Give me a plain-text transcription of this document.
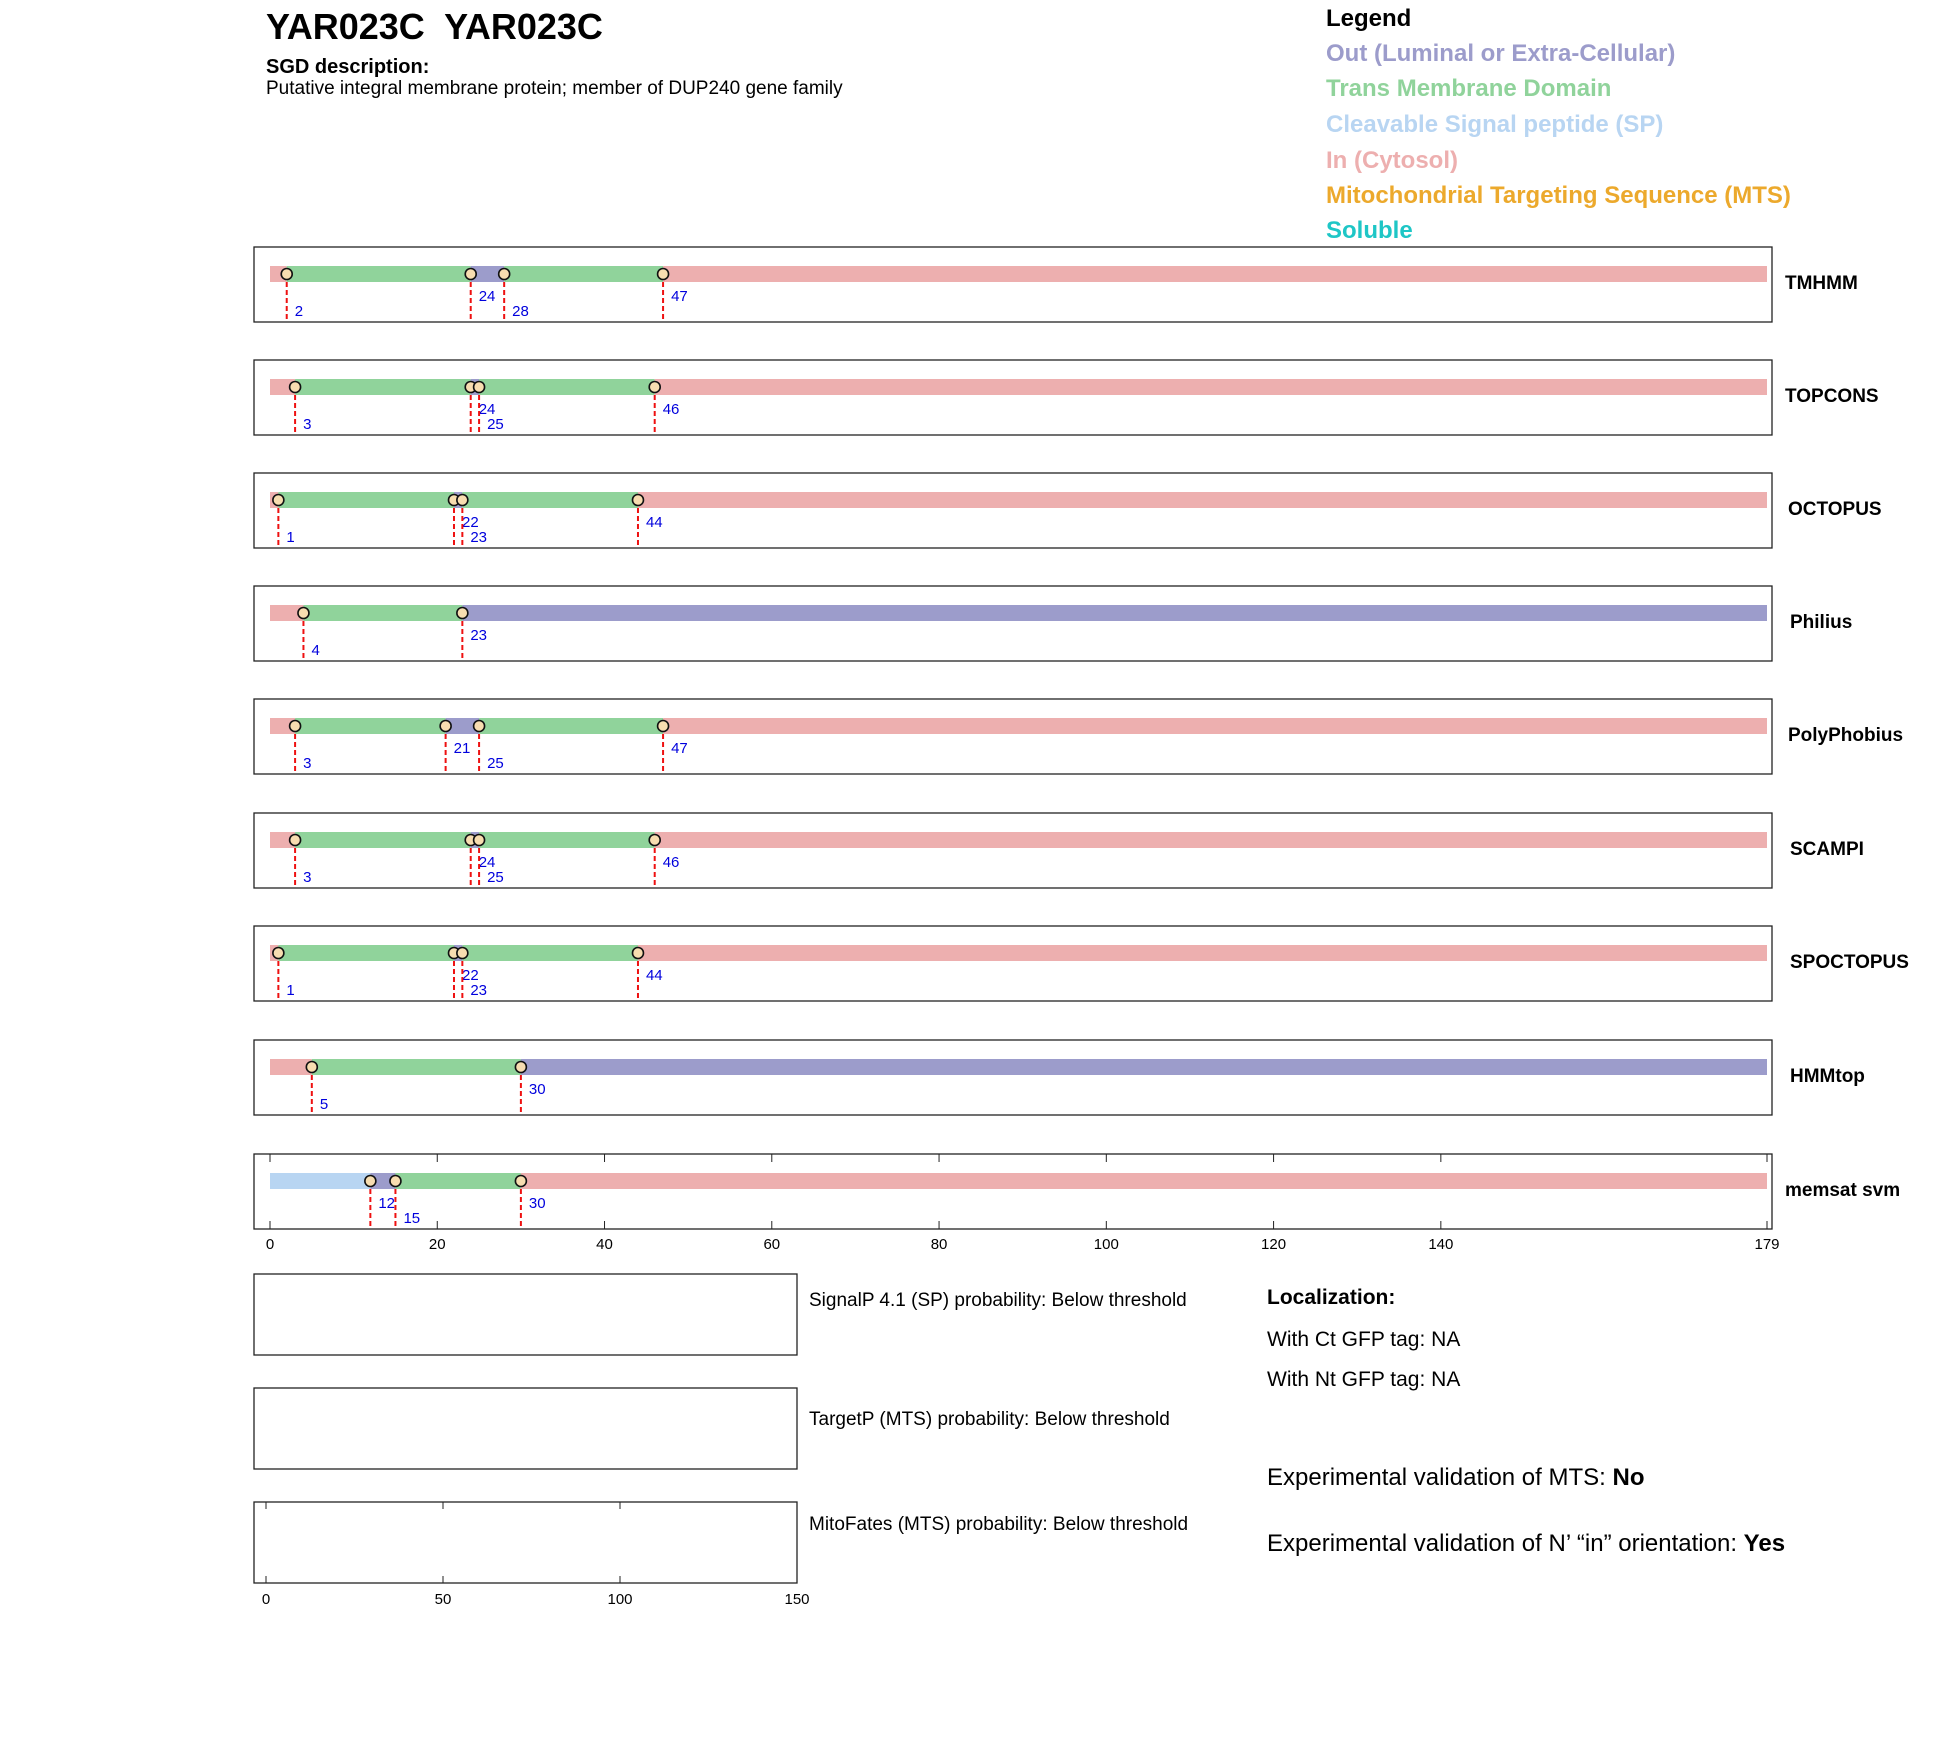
YAR023C  YAR023C
SGD description:
Putative integral membrane protein; member of DUP240 gene family
Legend
Out (Luminal or Extra-Cellular)
Trans Membrane Domain
Cleavable Signal peptide (SP)
In (Cytosol)
Mitochondrial Targeting Sequence (MTS)
Soluble
2
24
28
47
TMHMM
3
24
25
46
TOPCONS
1
22
23
44
OCTOPUS
4
23
Philius
3
21
25
47
PolyPhobius
3
24
25
46
SCAMPI
1
22
23
44
SPOCTOPUS
5
30
HMMtop
0	20	40	60	80	100	120	140	179
12
15
30
memsat svm
0	50	100	150
SignalP 4.1 (SP) probability: Below threshold
TargetP (MTS) probability: Below threshold
MitoFates (MTS) probability: Below threshold
Localization:
With Ct GFP tag: NA
With Nt GFP tag: NA
Experimental validation of MTS: No
Experimental validation of N’ “in” orientation: Yes
